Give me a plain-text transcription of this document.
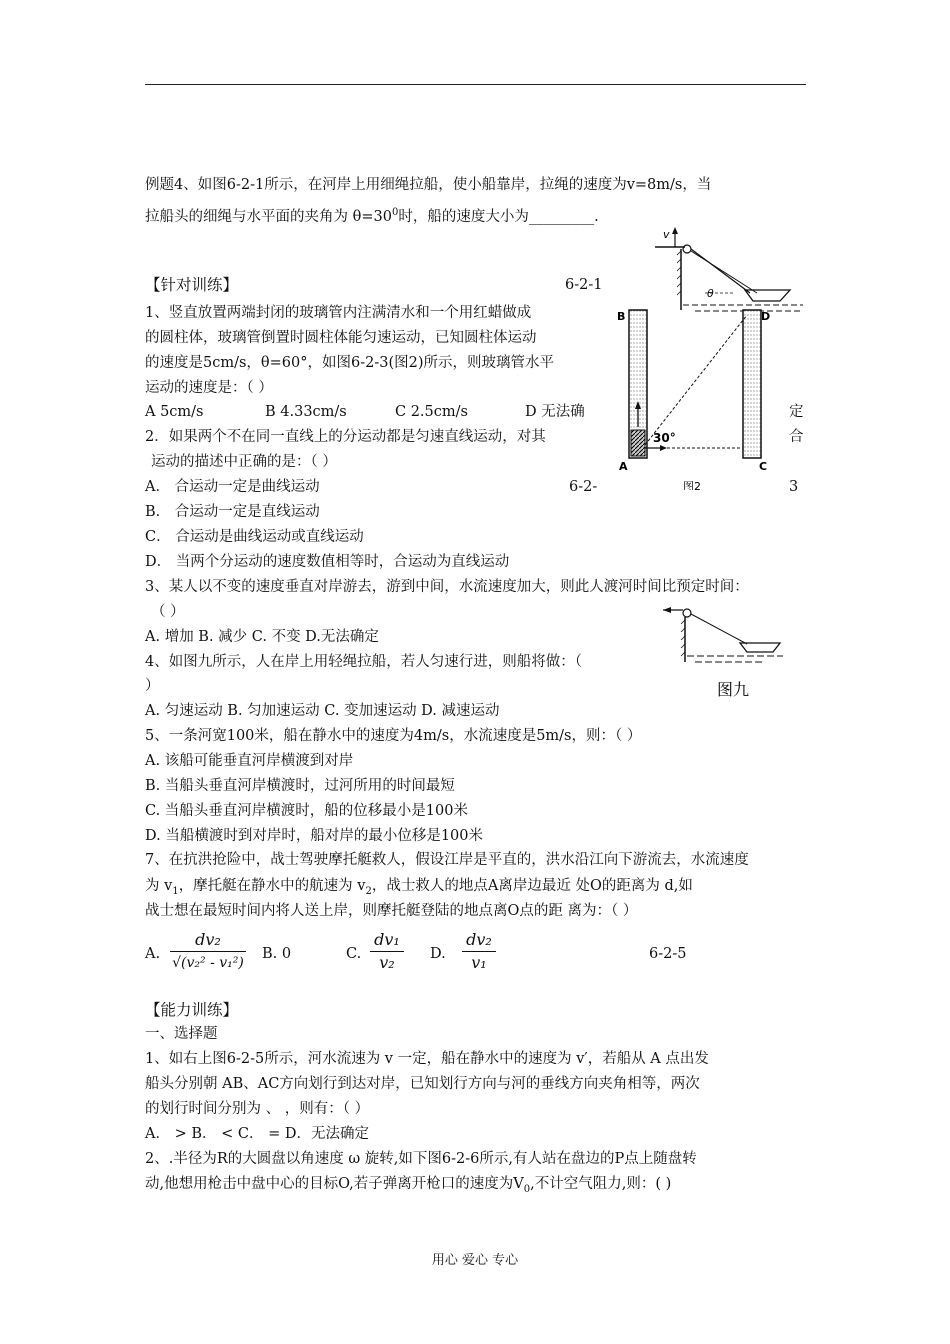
例题4、如图6-2-1所示，在河岸上用细绳拉船，使小船靠岸，拉绳的速度为v=8m/s，当
拉船头的细绳与水平面的夹角为 $\theta=30^0$时，船的速度大小为_________.
v
θ
6-2-1
【针对训练】
1、竖直放置两端封闭的玻璃管内注满清水和一个用红蜡做成
的圆柱体，玻璃管倒置时圆柱体能匀速运动，已知圆柱体运动
的速度是5cm/s，θ=60°，如图6-2-3(图2)所示，则玻璃管水平
运动的速度是：（ ）
A 5cm/s	B 4.33cm/s	C 2.5cm/s	D 无法确	定
B	D
30°
A	C
图2
2．如果两个不在同一直线上的分运动都是匀速直线运动，对其	合
运动的描述中正确的是：（ ）
A． 合运动一定是曲线运动	6-2-	3
B． 合运动一定是直线运动
C． 合运动是曲线运动或直线运动
D． 当两个分运动的速度数值相等时，合运动为直线运动
3、某人以不变的速度垂直对岸游去，游到中间，水流速度加大，则此人渡河时间比预定时间：
（ ）
A. 增加 B. 减少 C. 不变 D.无法确定
图九
4、如图九所示，人在岸上用轻绳拉船，若人匀速行进，则船将做：（
）
A. 匀速运动 B. 匀加速运动 C. 变加速运动 D. 减速运动
5、一条河宽100米，船在静水中的速度为4m/s，水流速度是5m/s，则：（ ）
A. 该船可能垂直河岸横渡到对岸
B. 当船头垂直河岸横渡时，过河所用的时间最短
C. 当船头垂直河岸横渡时，船的位移最小是100米
D. 当船横渡时到对岸时，船对岸的最小位移是100米
7、在抗洪抢险中，战士驾驶摩托艇救人，假设江岸是平直的，洪水沿江向下游流去，水流速度
为 $v_1$，摩托艇在静水中的航速为 $v_2$，战士救人的地点A离岸边最近 处O的距离为 d,如
战士想在最短时间内将人送上岸，则摩托艇登陆的地点离O点的距 离为：（ ）
A.
dv₂
√(v₂² - v₁²)
B. 0	C.
dv₁
v₂	D.
dv₂
v₁	6-2-5
【能力训练】
一、选择题
1、如右上图6-2-5所示，河水流速为 v 一定，船在静水中的速度为 v′，若船从 A 点出发
船头分别朝 AB、AC方向划行到达对岸，已知划行方向与河的垂线方向夹角相等，两次
的划行时间分别为 、 ，则有：（ ）
A． > B． < C． = D．无法确定
2、.半径为R的大圆盘以角速度 ω 旋转,如下图6-2-6所示,有人站在盘边的P点上随盘转
动,他想用枪击中盘中心的目标O,若子弹离开枪口的速度为$V_0$,不计空气阻力,则：( )
用心 爱心 专心
